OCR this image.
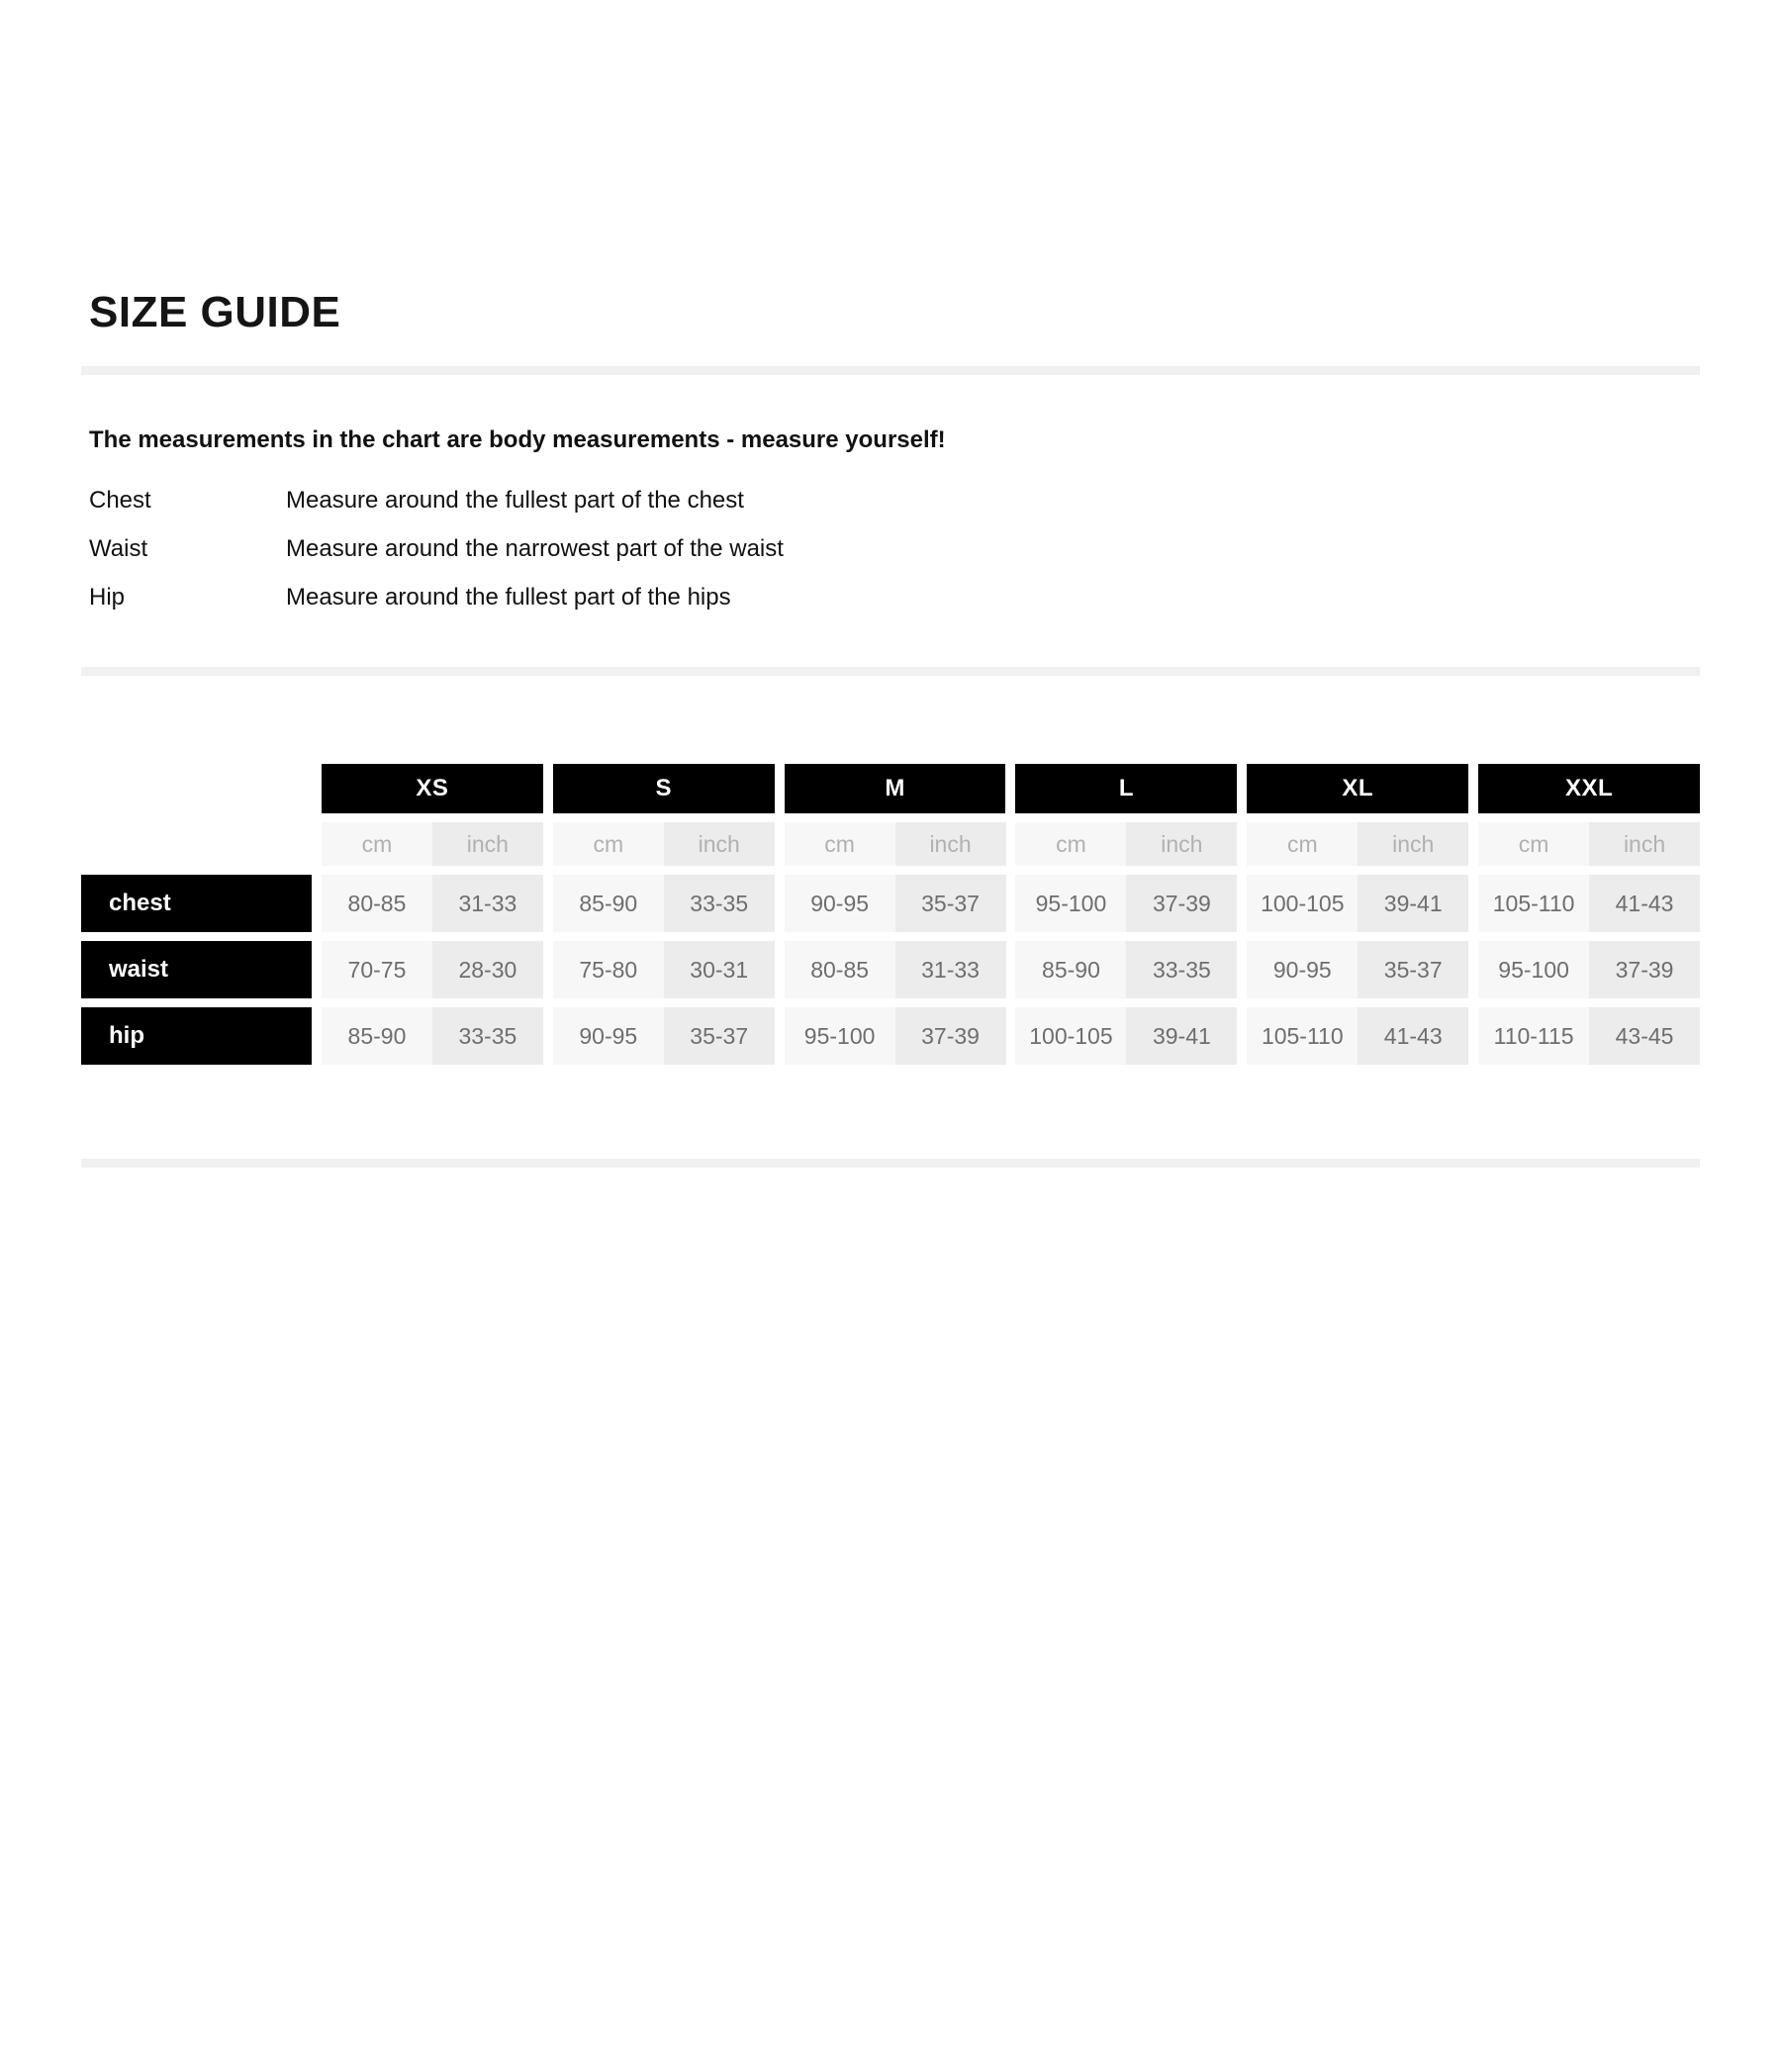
SIZE GUIDE

The measurements in the chart are body measurements - measure yourself!

Chest	Measure around the fullest part of the chest
Waist	Measure around the narrowest part of the waist
Hip	Measure around the fullest part of the hips
XS	S	M	L	XL	XXL
cm	inch	cm	inch	cm	inch	cm	inch	cm	inch	cm	inch
chest	80-85	31-33	85-90	33-35	90-95	35-37	95-100	37-39	100-105	39-41	105-110	41-43
waist	70-75	28-30	75-80	30-31	80-85	31-33	85-90	33-35	90-95	35-37	95-100	37-39
hip	85-90	33-35	90-95	35-37	95-100	37-39	100-105	39-41	105-110	41-43	110-115	43-45
